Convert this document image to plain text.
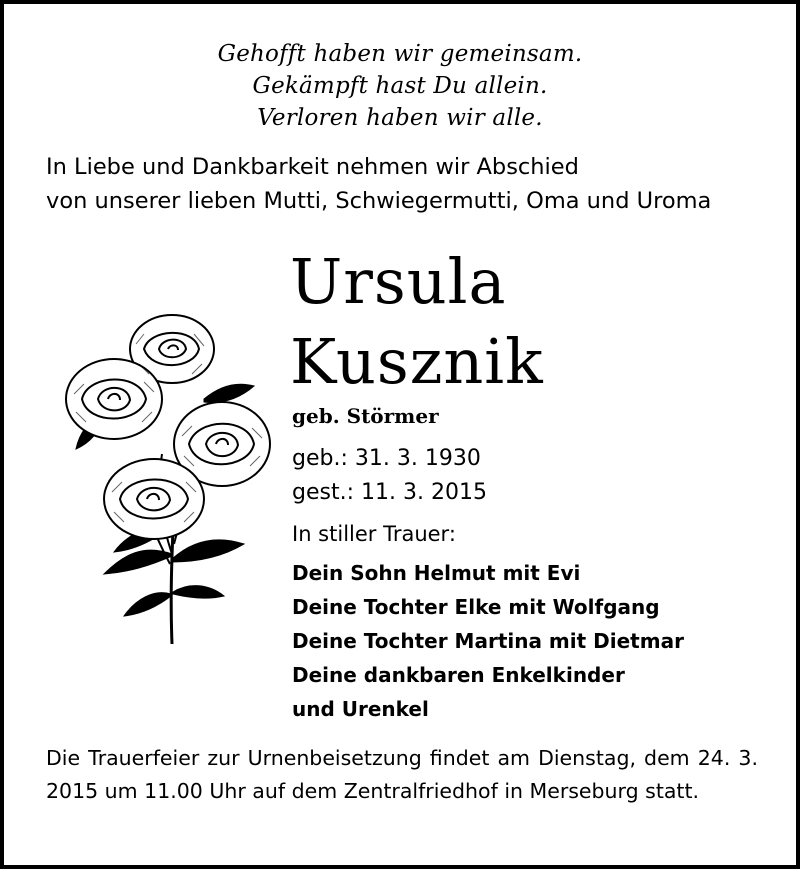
Gehofft haben wir gemeinsam.
Gekämpft hast Du allein.
Verloren haben wir alle.
In Liebe und Dankbarkeit nehmen wir Abschied
von unserer lieben Mutti, Schwiegermutti, Oma und Uroma
Ursula
Kusznik
geb. Störmer
geb.: 31. 3. 1930
gest.: 11. 3. 2015
In stiller Trauer:
Dein Sohn Helmut mit Evi
Deine Tochter Elke mit Wolfgang
Deine Tochter Martina mit Dietmar
Deine dankbaren Enkelkinder
und Urenkel
Die Trauerfeier zur Urnenbeisetzung findet am Dienstag, dem 24. 3. 2015 um 11.00 Uhr auf dem Zentralfriedhof in Merseburg statt.
